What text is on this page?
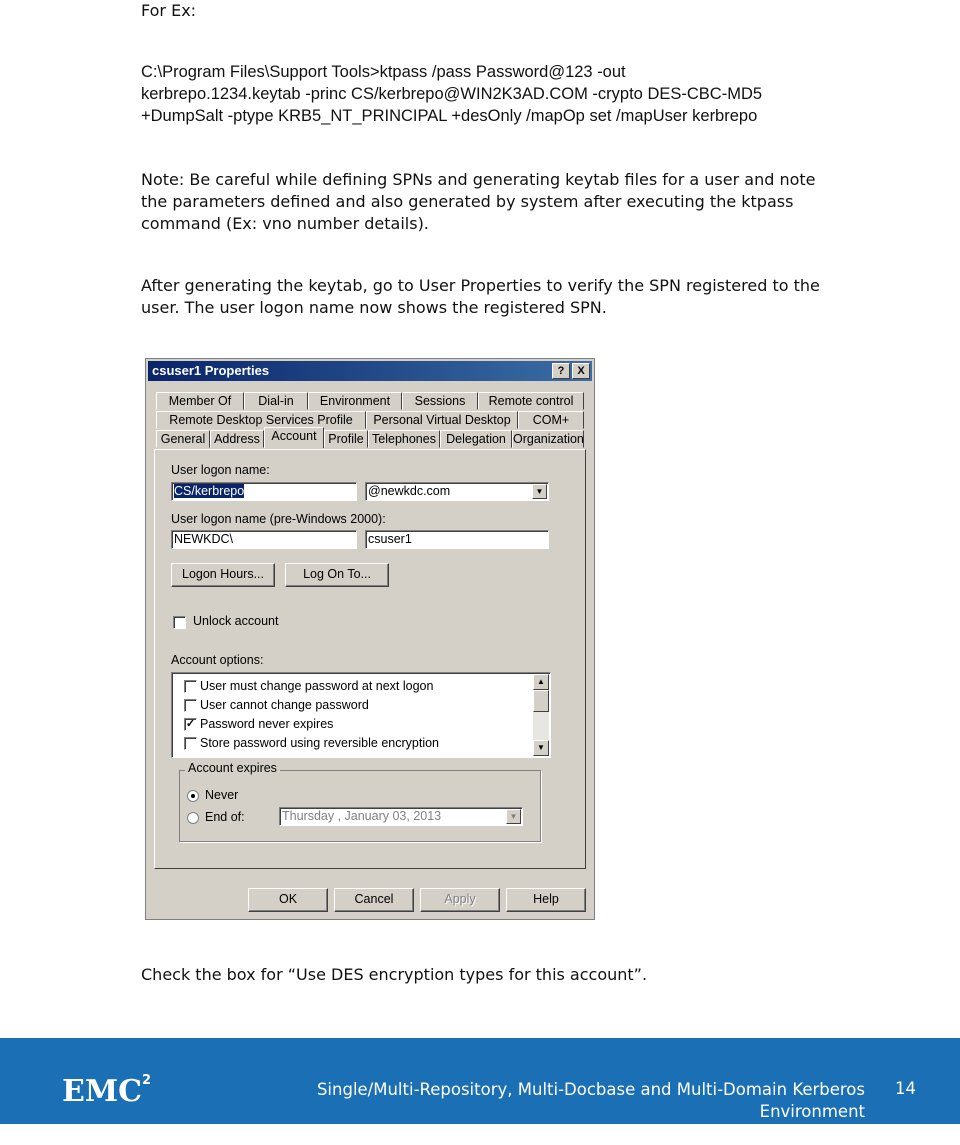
For Ex:

C:\Program Files\Support Tools>ktpass /pass Password@123 -out

kerbrepo.1234.keytab -princ CS/kerbrepo@WIN2K3AD.COM -crypto DES-CBC-MD5

+DumpSalt -ptype KRB5_NT_PRINCIPAL +desOnly /mapOp set /mapUser kerbrepo

Note: Be careful while defining SPNs and generating keytab files for a user and note

the parameters defined and also generated by system after executing the ktpass

command (Ex: vno number details).

After generating the keytab, go to User Properties to verify the SPN registered to the

user. The user logon name now shows the registered SPN.

csuser1 Properties	?	X
Member Of	Dial-in	Environment	Sessions	Remote control
Remote Desktop Services Profile	Personal Virtual Desktop	COM+
General Address Account Profile Telephones Delegation Organization
User logon name:
CS/kerbrepo	@newkdc.com	▼
User logon name (pre-Windows 2000):
NEWKDC\	csuser1
Logon Hours...	Log On To...
Unlock account
Account options:
User must change password at next logon
User cannot change password
✓ Password never expires
Store password using reversible encryption
▲
▼
Account expires
Never
End of:	Thursday , January 03, 2013	▼
OK	Cancel	Apply	Help

Check the box for “Use DES encryption types for this account”.

EMC$^2$	Single/Multi-Repository, Multi-Docbase and Multi-Domain Kerberos Environment
setup for CenterStage
14
